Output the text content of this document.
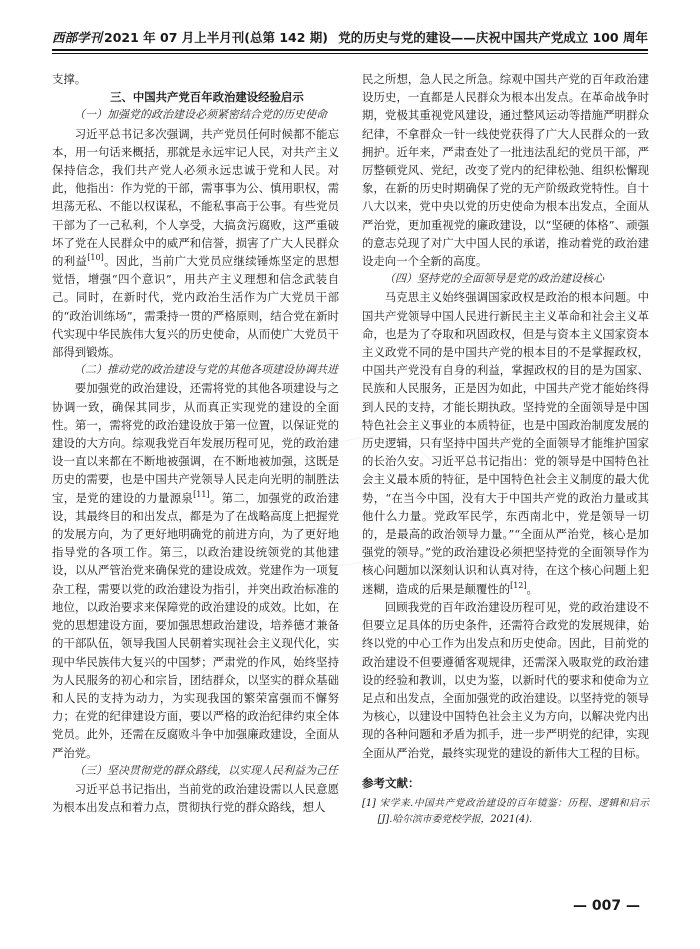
西部学刊 2021 年 07 月上半月刊(总第 142 期) 党的历史与党的建设——庆祝中国共产党成立 100 周年

支撑。

三、中国共产党百年政治建设经验启示

（一）加强党的政治建设必须紧密结合党的历史使命

习近平总书记多次强调，共产党员任何时候都不能忘本，用一句话来概括，那就是永远牢记人民，对共产主义保持信念，我们共产党人必须永远忠诚于党和人民。对此，他指出：作为党的干部，需事事为公、慎用职权，需坦荡无私、不能以权谋私，不能私事高于公事。有些党员干部为了一己私利，个人享受，大搞贪污腐败，这严重破坏了党在人民群众中的威严和信誉，损害了广大人民群众的利益[10]。因此，当前广大党员应继续锤炼坚定的思想觉悟，增强“四个意识”，用共产主义理想和信念武装自己。同时，在新时代，党内政治生活作为广大党员干部的“政治训练场”，需秉持一贯的严格原则，结合党在新时代实现中华民族伟大复兴的历史使命，从而使广大党员干部得到锻炼。

（二）推动党的政治建设与党的其他各项建设协调共进

要加强党的政治建设，还需将党的其他各项建设与之协调一致，确保其同步，从而真正实现党的建设的全面性。第一，需将党的政治建设放于第一位置，以保证党的建设的大方向。综观我党百年发展历程可见，党的政治建设一直以来都在不断地被强调，在不断地被加强，这既是历史的需要，也是中国共产党领导人民走向光明的制胜法宝，是党的建设的力量源泉[11]。第二，加强党的政治建设，其最终目的和出发点，都是为了在战略高度上把握党的发展方向，为了更好地明确党的前进方向，为了更好地指导党的各项工作。第三，以政治建设统领党的其他建设，以从严管治党来确保党的建设成效。党建作为一项复杂工程，需要以党的政治建设为指引，并突出政治标准的地位，以政治要求来保障党的政治建设的成效。比如，在党的思想建设方面，要加强思想政治建设，培养德才兼备的干部队伍，领导我国人民朝着实现社会主义现代化，实现中华民族伟大复兴的中国梦；严肃党的作风，始终坚持为人民服务的初心和宗旨，团结群众，以坚实的群众基础和人民的支持为动力，为实现我国的繁荣富强而不懈努力；在党的纪律建设方面，要以严格的政治纪律约束全体党员。此外，还需在反腐败斗争中加强廉政建设，全面从严治党。

（三）坚决贯彻党的群众路线，以实现人民利益为己任

习近平总书记指出，当前党的政治建设需以人民意愿为根本出发点和着力点，贯彻执行党的群众路线，想人

民之所想，急人民之所急。综观中国共产党的百年政治建设历史，一直都是人民群众为根本出发点。在革命战争时期，党极其重视党风建设，通过整风运动等措施严明群众纪律，不拿群众一针一线使党获得了广大人民群众的一致拥护。近年来，严肃查处了一批违法乱纪的党员干部，严厉整顿党风、党纪，改变了党内的纪律松弛、组织松懈现象，在新的历史时期确保了党的无产阶级政党特性。自十八大以来，党中央以党的历史使命为根本出发点，全面从严治党，更加重视党的廉政建设，以“坚硬的体格”、顽强的意志兑现了对广大中国人民的承诺，推动着党的政治建设走向一个全新的高度。

（四）坚持党的全面领导是党的政治建设核心

马克思主义始终强调国家政权是政治的根本问题。中国共产党领导中国人民进行新民主主义革命和社会主义革命，也是为了夺取和巩固政权，但是与资本主义国家资本主义政党不同的是中国共产党的根本目的不是掌握政权，中国共产党没有自身的利益，掌握政权的目的是为国家、民族和人民服务，正是因为如此，中国共产党才能始终得到人民的支持，才能长期执政。坚持党的全面领导是中国特色社会主义事业的本质特征，也是中国政治制度发展的历史逻辑，只有坚持中国共产党的全面领导才能维护国家的长治久安。习近平总书记指出：党的领导是中国特色社会主义最本质的特征，是中国特色社会主义制度的最大优势，“在当今中国，没有大于中国共产党的政治力量或其他什么力量。党政军民学，东西南北中，党是领导一切的，是最高的政治领导力量。”“全面从严治党，核心是加强党的领导。”党的政治建设必须把坚持党的全面领导作为核心问题加以深刻认识和认真对待，在这个核心问题上犯迷糊，造成的后果是颠覆性的[12]。

回顾我党的百年政治建设历程可见，党的政治建设不但要立足具体的历史条件，还需符合政党的发展规律，始终以党的中心工作为出发点和历史使命。因此，目前党的政治建设不但要遵循客观规律，还需深入吸取党的政治建设的经验和教训，以史为鉴，以新时代的要求和使命为立足点和出发点，全面加强党的政治建设。以坚持党的领导为核心，以建设中国特色社会主义为方向，以解决党内出现的各种问题和矛盾为抓手，进一步严明党的纪律，实现全面从严治党，最终实现党的建设的新伟大工程的目标。

参考文献：
[1] 宋学来.中国共产党政治建设的百年镜鉴：历程、逻辑和启示[J].哈尔滨市委党校学报，2021(4).
— 007 —
